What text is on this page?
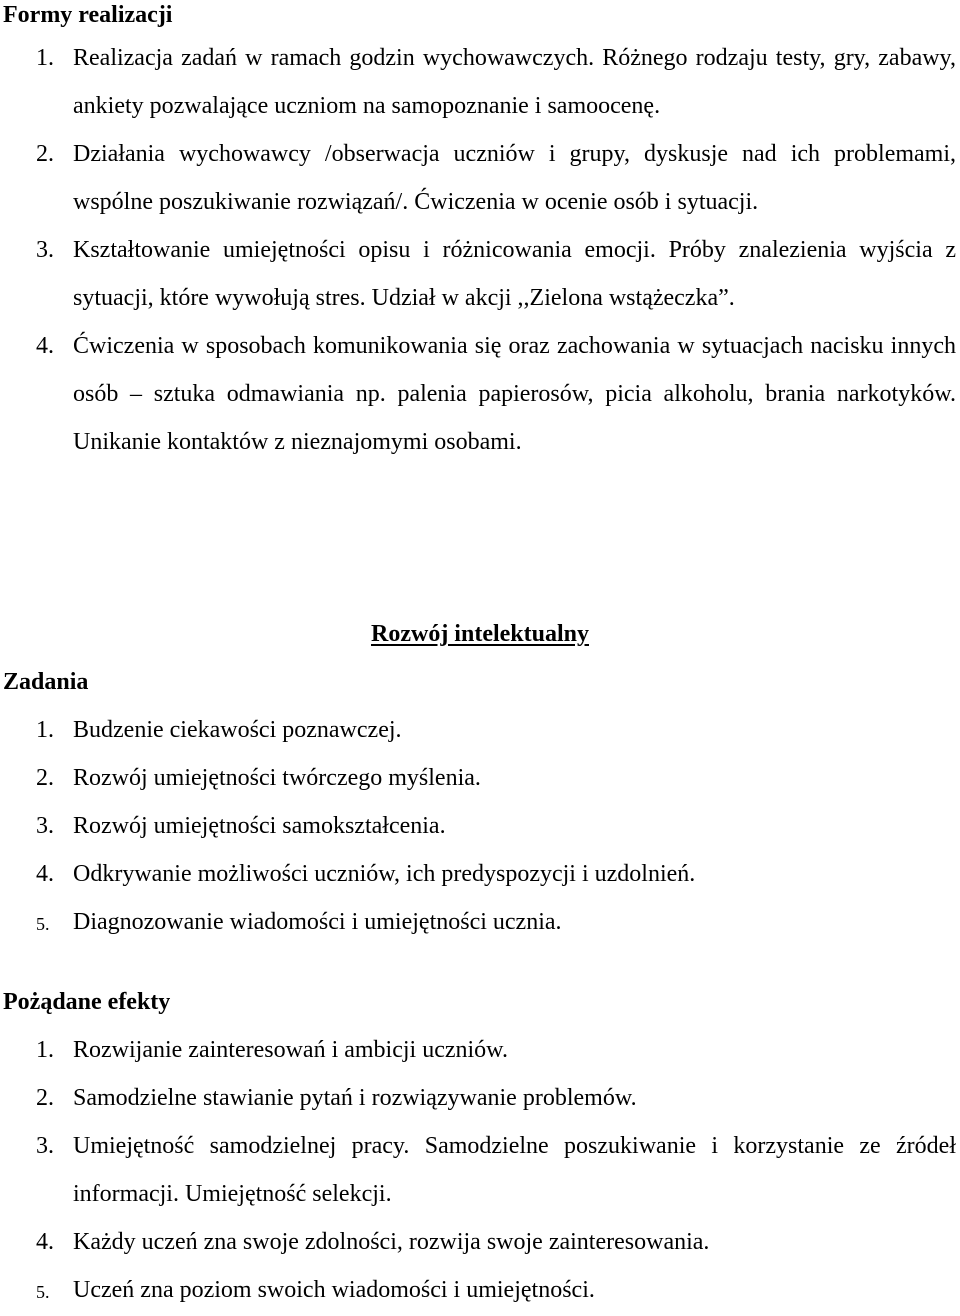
Formy realizacji
1. Realizacja zadań w ramach godzin wychowawczych. Różnego rodzaju testy, gry, zabawy, ankiety pozwalające uczniom na samopoznanie i samoocenę.
2. Działania wychowawcy /obserwacja uczniów i grupy, dyskusje nad ich problemami, wspólne poszukiwanie rozwiązań/. Ćwiczenia w ocenie osób i sytuacji.
3. Kształtowanie umiejętności opisu i różnicowania emocji. Próby znalezienia wyjścia z sytuacji, które wywołują stres. Udział w akcji ,,Zielona wstążeczka”.
4. Ćwiczenia w sposobach komunikowania się oraz zachowania w sytuacjach nacisku innych osób – sztuka odmawiania np. palenia papierosów, picia alkoholu, brania narkotyków. Unikanie kontaktów z nieznajomymi osobami.
Rozwój intelektualny
Zadania
1. Budzenie ciekawości poznawczej.
2. Rozwój umiejętności twórczego myślenia.
3. Rozwój umiejętności samokształcenia.
4. Odkrywanie możliwości uczniów, ich predyspozycji i uzdolnień.
5. Diagnozowanie wiadomości i umiejętności ucznia.
Pożądane efekty
1. Rozwijanie zainteresowań i ambicji uczniów.
2. Samodzielne stawianie pytań i rozwiązywanie problemów.
3. Umiejętność samodzielnej pracy. Samodzielne poszukiwanie i korzystanie ze źródeł informacji. Umiejętność selekcji.
4. Każdy uczeń zna swoje zdolności, rozwija swoje zainteresowania.
5. Uczeń zna poziom swoich wiadomości i umiejętności.
